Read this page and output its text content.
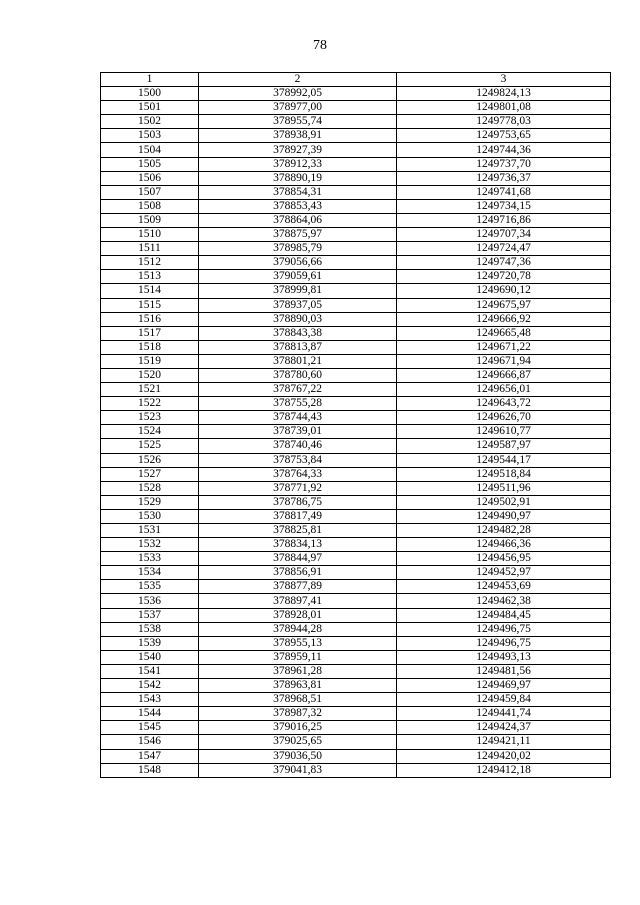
78
1	2	3
1500	378992,05	1249824,13
1501	378977,00	1249801,08
1502	378955,74	1249778,03
1503	378938,91	1249753,65
1504	378927,39	1249744,36
1505	378912,33	1249737,70
1506	378890,19	1249736,37
1507	378854,31	1249741,68
1508	378853,43	1249734,15
1509	378864,06	1249716,86
1510	378875,97	1249707,34
1511	378985,79	1249724,47
1512	379056,66	1249747,36
1513	379059,61	1249720,78
1514	378999,81	1249690,12
1515	378937,05	1249675,97
1516	378890,03	1249666,92
1517	378843,38	1249665,48
1518	378813,87	1249671,22
1519	378801,21	1249671,94
1520	378780,60	1249666,87
1521	378767,22	1249656,01
1522	378755,28	1249643,72
1523	378744,43	1249626,70
1524	378739,01	1249610,77
1525	378740,46	1249587,97
1526	378753,84	1249544,17
1527	378764,33	1249518,84
1528	378771,92	1249511,96
1529	378786,75	1249502,91
1530	378817,49	1249490,97
1531	378825,81	1249482,28
1532	378834,13	1249466,36
1533	378844,97	1249456,95
1534	378856,91	1249452,97
1535	378877,89	1249453,69
1536	378897,41	1249462,38
1537	378928,01	1249484,45
1538	378944,28	1249496,75
1539	378955,13	1249496,75
1540	378959,11	1249493,13
1541	378961,28	1249481,56
1542	378963,81	1249469,97
1543	378968,51	1249459,84
1544	378987,32	1249441,74
1545	379016,25	1249424,37
1546	379025,65	1249421,11
1547	379036,50	1249420,02
1548	379041,83	1249412,18
